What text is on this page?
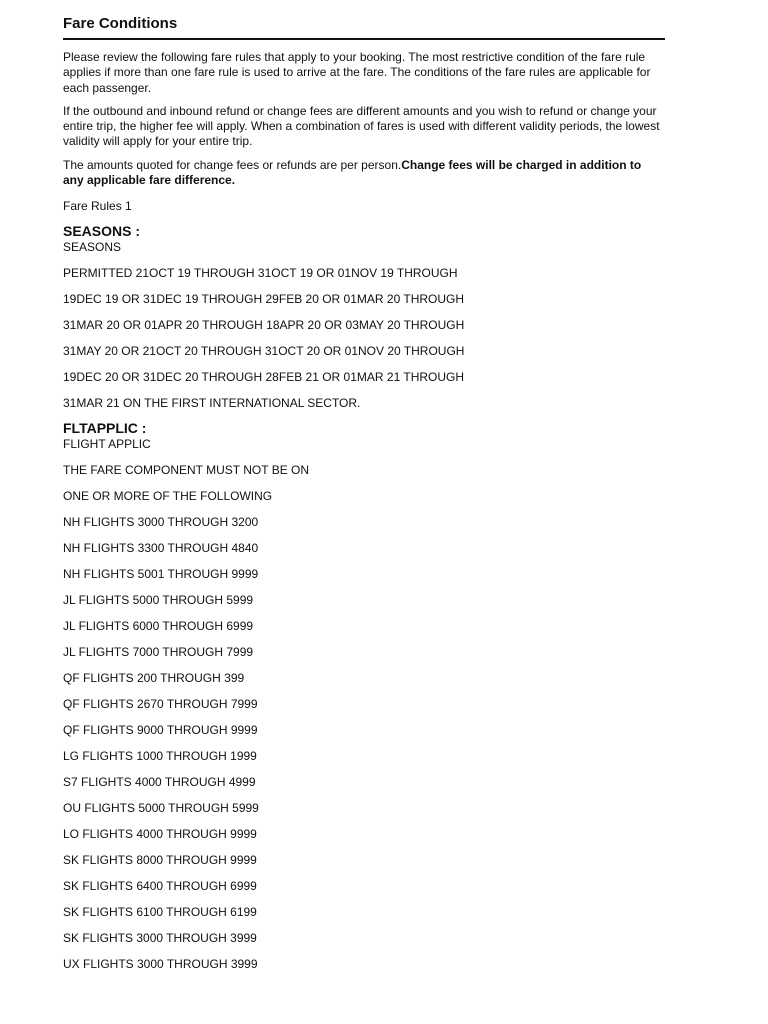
Fare Conditions

Please review the following fare rules that apply to your booking. The most restrictive condition of the fare rule applies if more than one fare rule is used to arrive at the fare. The conditions of the fare rules are applicable for each passenger.

If the outbound and inbound refund or change fees are different amounts and you wish to refund or change your entire trip, the higher fee will apply. When a combination of fares is used with different validity periods, the lowest validity will apply for your entire trip.

The amounts quoted for change fees or refunds are per person.Change fees will be charged in addition to any applicable fare difference.

Fare Rules 1

SEASONS :

SEASONS

PERMITTED 21OCT 19 THROUGH 31OCT 19 OR 01NOV 19 THROUGH

19DEC 19 OR 31DEC 19 THROUGH 29FEB 20 OR 01MAR 20 THROUGH

31MAR 20 OR 01APR 20 THROUGH 18APR 20 OR 03MAY 20 THROUGH

31MAY 20 OR 21OCT 20 THROUGH 31OCT 20 OR 01NOV 20 THROUGH

19DEC 20 OR 31DEC 20 THROUGH 28FEB 21 OR 01MAR 21 THROUGH

31MAR 21 ON THE FIRST INTERNATIONAL SECTOR.

FLTAPPLIC :

FLIGHT APPLIC

THE FARE COMPONENT MUST NOT BE ON

ONE OR MORE OF THE FOLLOWING

NH FLIGHTS 3000 THROUGH 3200

NH FLIGHTS 3300 THROUGH 4840

NH FLIGHTS 5001 THROUGH 9999

JL FLIGHTS 5000 THROUGH 5999

JL FLIGHTS 6000 THROUGH 6999

JL FLIGHTS 7000 THROUGH 7999

QF FLIGHTS 200 THROUGH 399

QF FLIGHTS 2670 THROUGH 7999

QF FLIGHTS 9000 THROUGH 9999

LG FLIGHTS 1000 THROUGH 1999

S7 FLIGHTS 4000 THROUGH 4999

OU FLIGHTS 5000 THROUGH 5999

LO FLIGHTS 4000 THROUGH 9999

SK FLIGHTS 8000 THROUGH 9999

SK FLIGHTS 6400 THROUGH 6999

SK FLIGHTS 6100 THROUGH 6199

SK FLIGHTS 3000 THROUGH 3999

UX FLIGHTS 3000 THROUGH 3999
